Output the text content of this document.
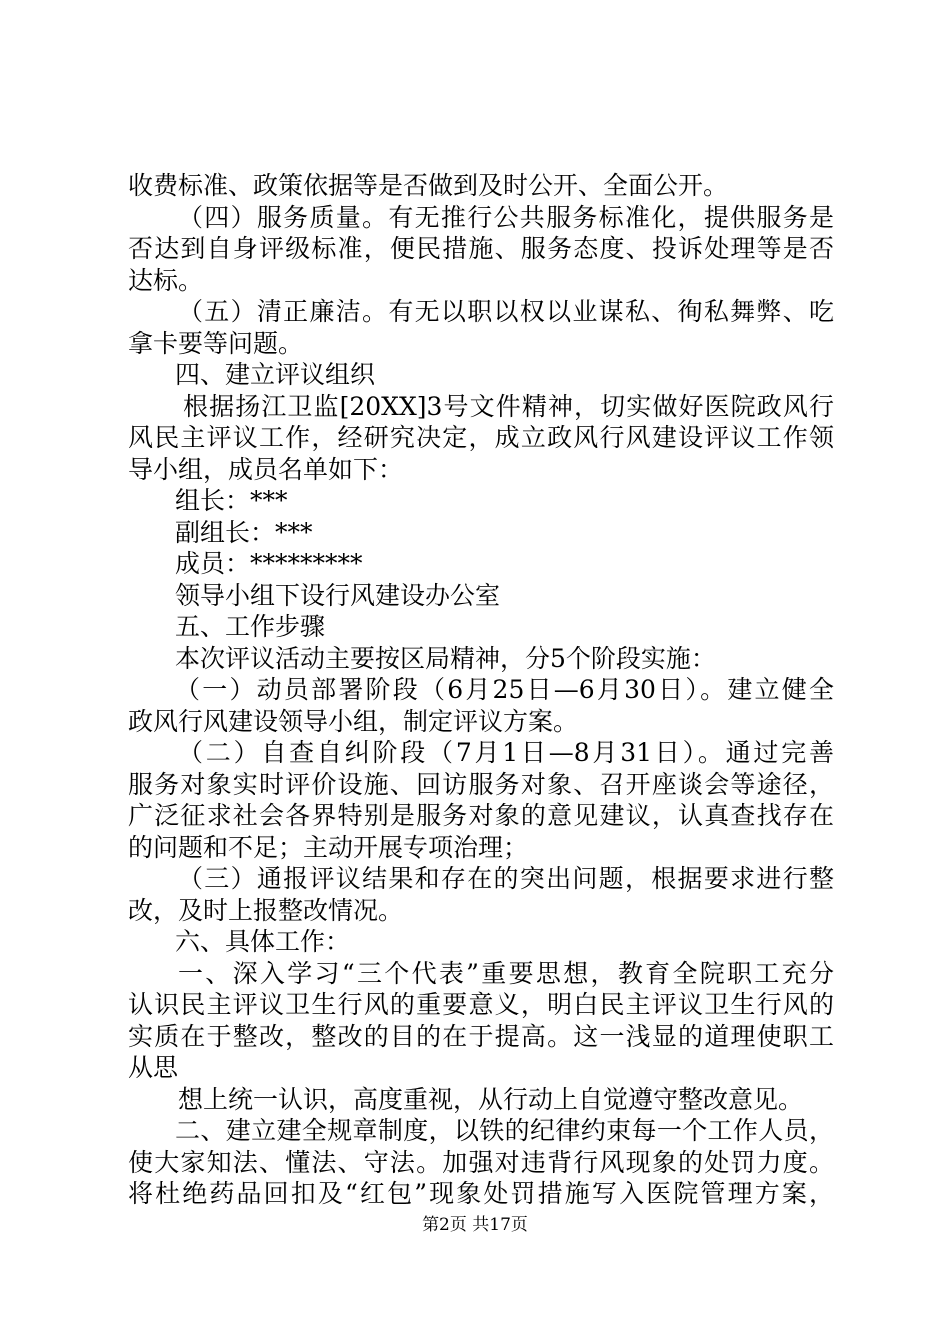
收费标准、政策依据等是否做到及时公开、全面公开。
（四）服务质量。有无推行公共服务标准化，提供服务是
否达到自身评级标准，便民措施、服务态度、投诉处理等是否
达标。
（五）清正廉洁。有无以职以权以业谋私、徇私舞弊、吃
拿卡要等问题。
四、建立评议组织
根据扬江卫监[20XX]3号文件精神，切实做好医院政风行
风民主评议工作，经研究决定，成立政风行风建设评议工作领
导小组，成员名单如下：
组长：***
副组长：***
成员：*********
领导小组下设行风建设办公室
五、工作步骤
本次评议活动主要按区局精神，分5个阶段实施：
（一）动员部署阶段（6月25日—6月30日）。建立健全
政风行风建设领导小组，制定评议方案。
（二）自查自纠阶段（7月1日—8月31日）。通过完善
服务对象实时评价设施、回访服务对象、召开座谈会等途径，
广泛征求社会各界特别是服务对象的意见建议，认真查找存在
的问题和不足；主动开展专项治理；
（三）通报评议结果和存在的突出问题，根据要求进行整
改，及时上报整改情况。
六、具体工作：
一、深入学习“三个代表”重要思想，教育全院职工充分
认识民主评议卫生行风的重要意义，明白民主评议卫生行风的
实质在于整改，整改的目的在于提高。这一浅显的道理使职工
从思
想上统一认识，高度重视，从行动上自觉遵守整改意见。
二、建立建全规章制度，以铁的纪律约束每一个工作人员，
使大家知法、懂法、守法。加强对违背行风现象的处罚力度。
将杜绝药品回扣及“红包”现象处罚措施写入医院管理方案，
第2页 共17页
